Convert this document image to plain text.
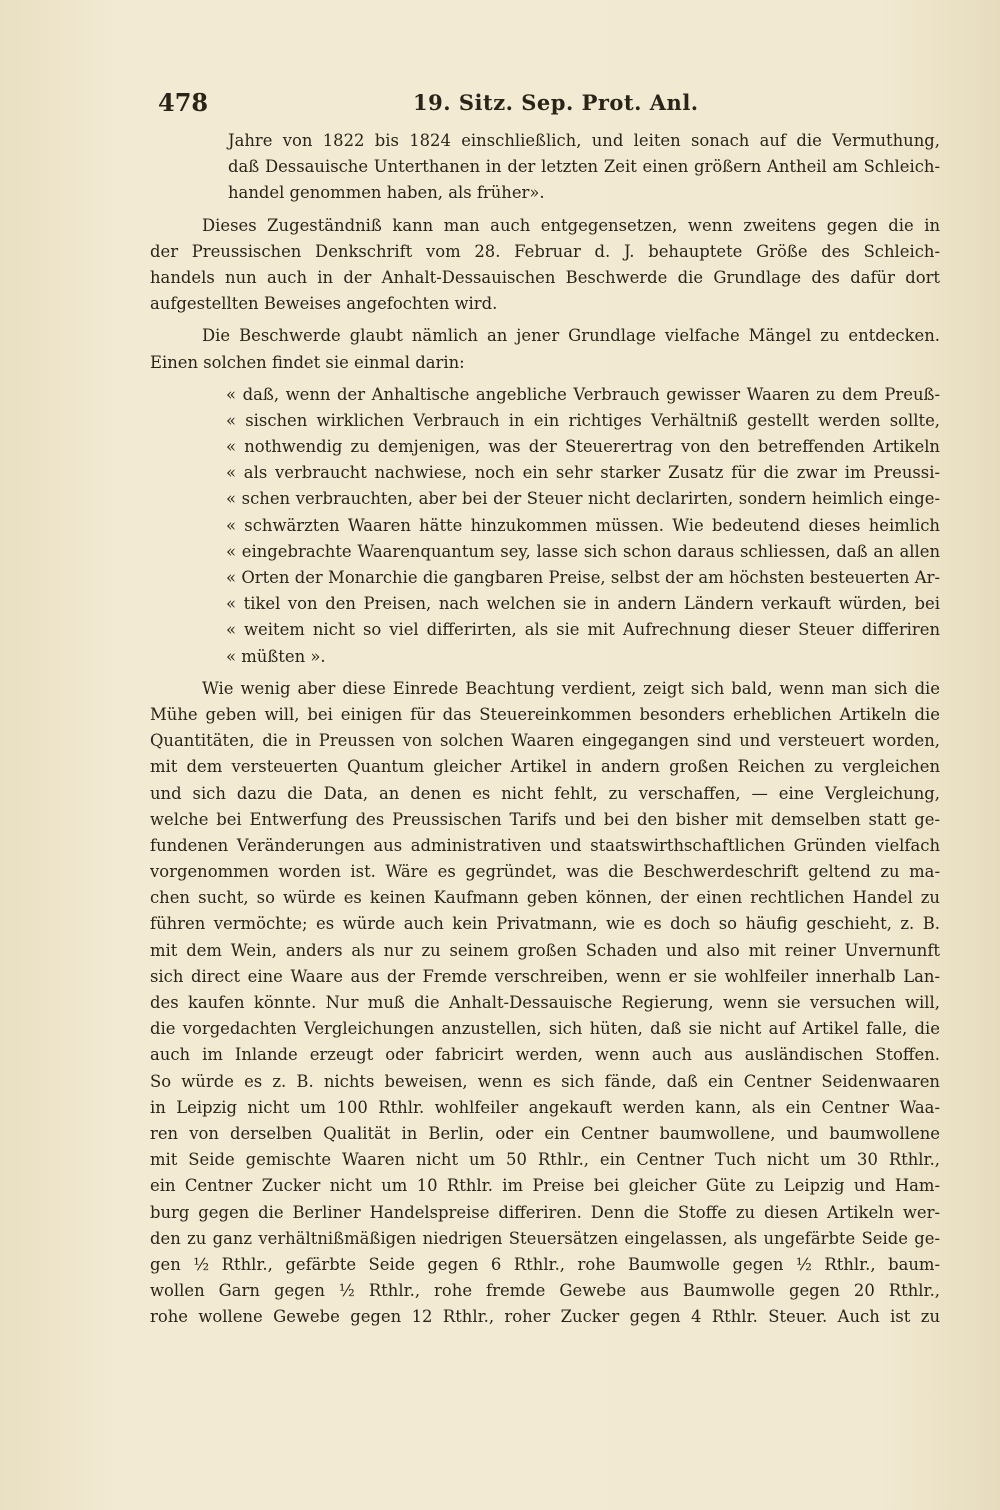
478	19. Sitz. Sep. Prot. Anl.
Jahre von 1822 bis 1824 einschließlich, und leiten sonach auf die Vermuthung,
daß Dessauische Unterthanen in der letzten Zeit einen größern Antheil am Schleich-
handel genommen haben, als früher».
Dieses Zugeständniß kann man auch entgegensetzen, wenn zweitens gegen die in
der Preussischen Denkschrift vom 28. Februar d. J. behauptete Größe des Schleich-
handels nun auch in der Anhalt-Dessauischen Beschwerde die Grundlage des dafür dort
aufgestellten Beweises angefochten wird.
Die Beschwerde glaubt nämlich an jener Grundlage vielfache Mängel zu entdecken.
Einen solchen findet sie einmal darin:
« daß, wenn der Anhaltische angebliche Verbrauch gewisser Waaren zu dem Preuß-
« sischen wirklichen Verbrauch in ein richtiges Verhältniß gestellt werden sollte,
« nothwendig zu demjenigen, was der Steuerertrag von den betreffenden Artikeln
« als verbraucht nachwiese, noch ein sehr starker Zusatz für die zwar im Preussi-
« schen verbrauchten, aber bei der Steuer nicht declarirten, sondern heimlich einge-
« schwärzten Waaren hätte hinzukommen müssen. Wie bedeutend dieses heimlich
« eingebrachte Waarenquantum sey, lasse sich schon daraus schliessen, daß an allen
« Orten der Monarchie die gangbaren Preise, selbst der am höchsten besteuerten Ar-
« tikel von den Preisen, nach welchen sie in andern Ländern verkauft würden, bei
« weitem nicht so viel differirten, als sie mit Aufrechnung dieser Steuer differiren
« müßten ».
Wie wenig aber diese Einrede Beachtung verdient, zeigt sich bald, wenn man sich die
Mühe geben will, bei einigen für das Steuereinkommen besonders erheblichen Artikeln die
Quantitäten, die in Preussen von solchen Waaren eingegangen sind und versteuert worden,
mit dem versteuerten Quantum gleicher Artikel in andern großen Reichen zu vergleichen
und sich dazu die Data, an denen es nicht fehlt, zu verschaffen, — eine Vergleichung,
welche bei Entwerfung des Preussischen Tarifs und bei den bisher mit demselben statt ge-
fundenen Veränderungen aus administrativen und staatswirthschaftlichen Gründen vielfach
vorgenommen worden ist. Wäre es gegründet, was die Beschwerdeschrift geltend zu ma-
chen sucht, so würde es keinen Kaufmann geben können, der einen rechtlichen Handel zu
führen vermöchte; es würde auch kein Privatmann, wie es doch so häufig geschieht, z. B.
mit dem Wein, anders als nur zu seinem großen Schaden und also mit reiner Unvernunft
sich direct eine Waare aus der Fremde verschreiben, wenn er sie wohlfeiler innerhalb Lan-
des kaufen könnte. Nur muß die Anhalt-Dessauische Regierung, wenn sie versuchen will,
die vorgedachten Vergleichungen anzustellen, sich hüten, daß sie nicht auf Artikel falle, die
auch im Inlande erzeugt oder fabricirt werden, wenn auch aus ausländischen Stoffen.
So würde es z. B. nichts beweisen, wenn es sich fände, daß ein Centner Seidenwaaren
in Leipzig nicht um 100 Rthlr. wohlfeiler angekauft werden kann, als ein Centner Waa-
ren von derselben Qualität in Berlin, oder ein Centner baumwollene, und baumwollene
mit Seide gemischte Waaren nicht um 50 Rthlr., ein Centner Tuch nicht um 30 Rthlr.,
ein Centner Zucker nicht um 10 Rthlr. im Preise bei gleicher Güte zu Leipzig und Ham-
burg gegen die Berliner Handelspreise differiren. Denn die Stoffe zu diesen Artikeln wer-
den zu ganz verhältnißmäßigen niedrigen Steuersätzen eingelassen, als ungefärbte Seide ge-
gen ½ Rthlr., gefärbte Seide gegen 6 Rthlr., rohe Baumwolle gegen ½ Rthlr., baum-
wollen Garn gegen ½ Rthlr., rohe fremde Gewebe aus Baumwolle gegen 20 Rthlr.,
rohe wollene Gewebe gegen 12 Rthlr., roher Zucker gegen 4 Rthlr. Steuer. Auch ist zu
